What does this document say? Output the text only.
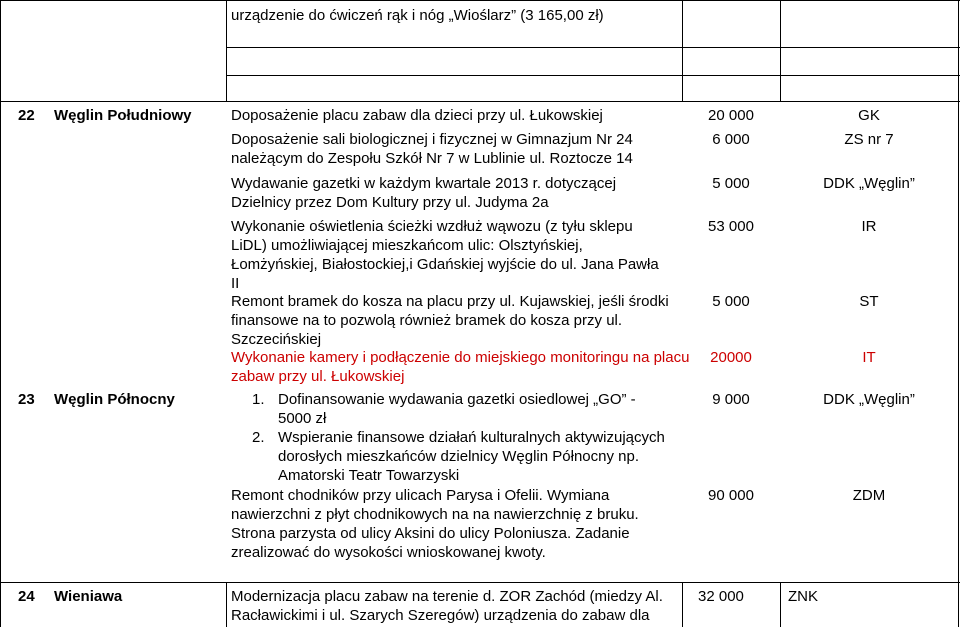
urządzenie do ćwiczeń rąk i nóg „Wioślarz” (3 165,00 zł)
22 Węglin Południowy	Doposażenie placu zabaw dla dzieci przy ul. Łukowskiej	20 000	GK
Doposażenie sali biologicznej i fizycznej w Gimnazjum Nr 24
należącym do Zespołu Szkół Nr 7 w Lublinie ul. Roztocze 14
6 000	ZS nr 7
Wydawanie gazetki w każdym kwartale 2013 r. dotyczącej
Dzielnicy przez Dom Kultury przy ul. Judyma 2a
5 000	DDK „Węglin”
Wykonanie oświetlenia ścieżki wzdłuż wąwozu (z tyłu sklepu
LiDL) umożliwiającej mieszkańcom ulic: Olsztyńskiej,
Łomżyńskiej, Białostockiej,i Gdańskiej wyjście do ul. Jana Pawła
II
53 000	IR
Remont bramek do kosza na placu przy ul. Kujawskiej, jeśli środki
finansowe na to pozwolą również bramek do kosza przy ul.
Szczecińskiej
5 000	ST
Wykonanie kamery i podłączenie do miejskiego monitoringu na placu
zabaw przy ul. Łukowskiej
20000	IT
23 Węglin Północny	1. Dofinansowanie wydawania gazetki osiedlowej „GO” -
5000 zł
2. Wspieranie finansowe działań kulturalnych aktywizujących
dorosłych mieszkańców dzielnicy Węglin Północny np.
Amatorski Teatr Towarzyski
9 000	DDK „Węglin”
Remont chodników przy ulicach Parysa i Ofelii. Wymiana
nawierzchni z płyt chodnikowych na na nawierzchnię z bruku.
Strona parzysta od ulicy Aksini do ulicy Poloniusza. Zadanie
zrealizować do wysokości wnioskowanej kwoty.
90 000	ZDM
24 Wieniawa	Modernizacja placu zabaw na terenie d. ZOR Zachód (miedzy Al.
Racławickimi i ul. Szarych Szeregów) urządzenia do zabaw dla
32 000	ZNK
